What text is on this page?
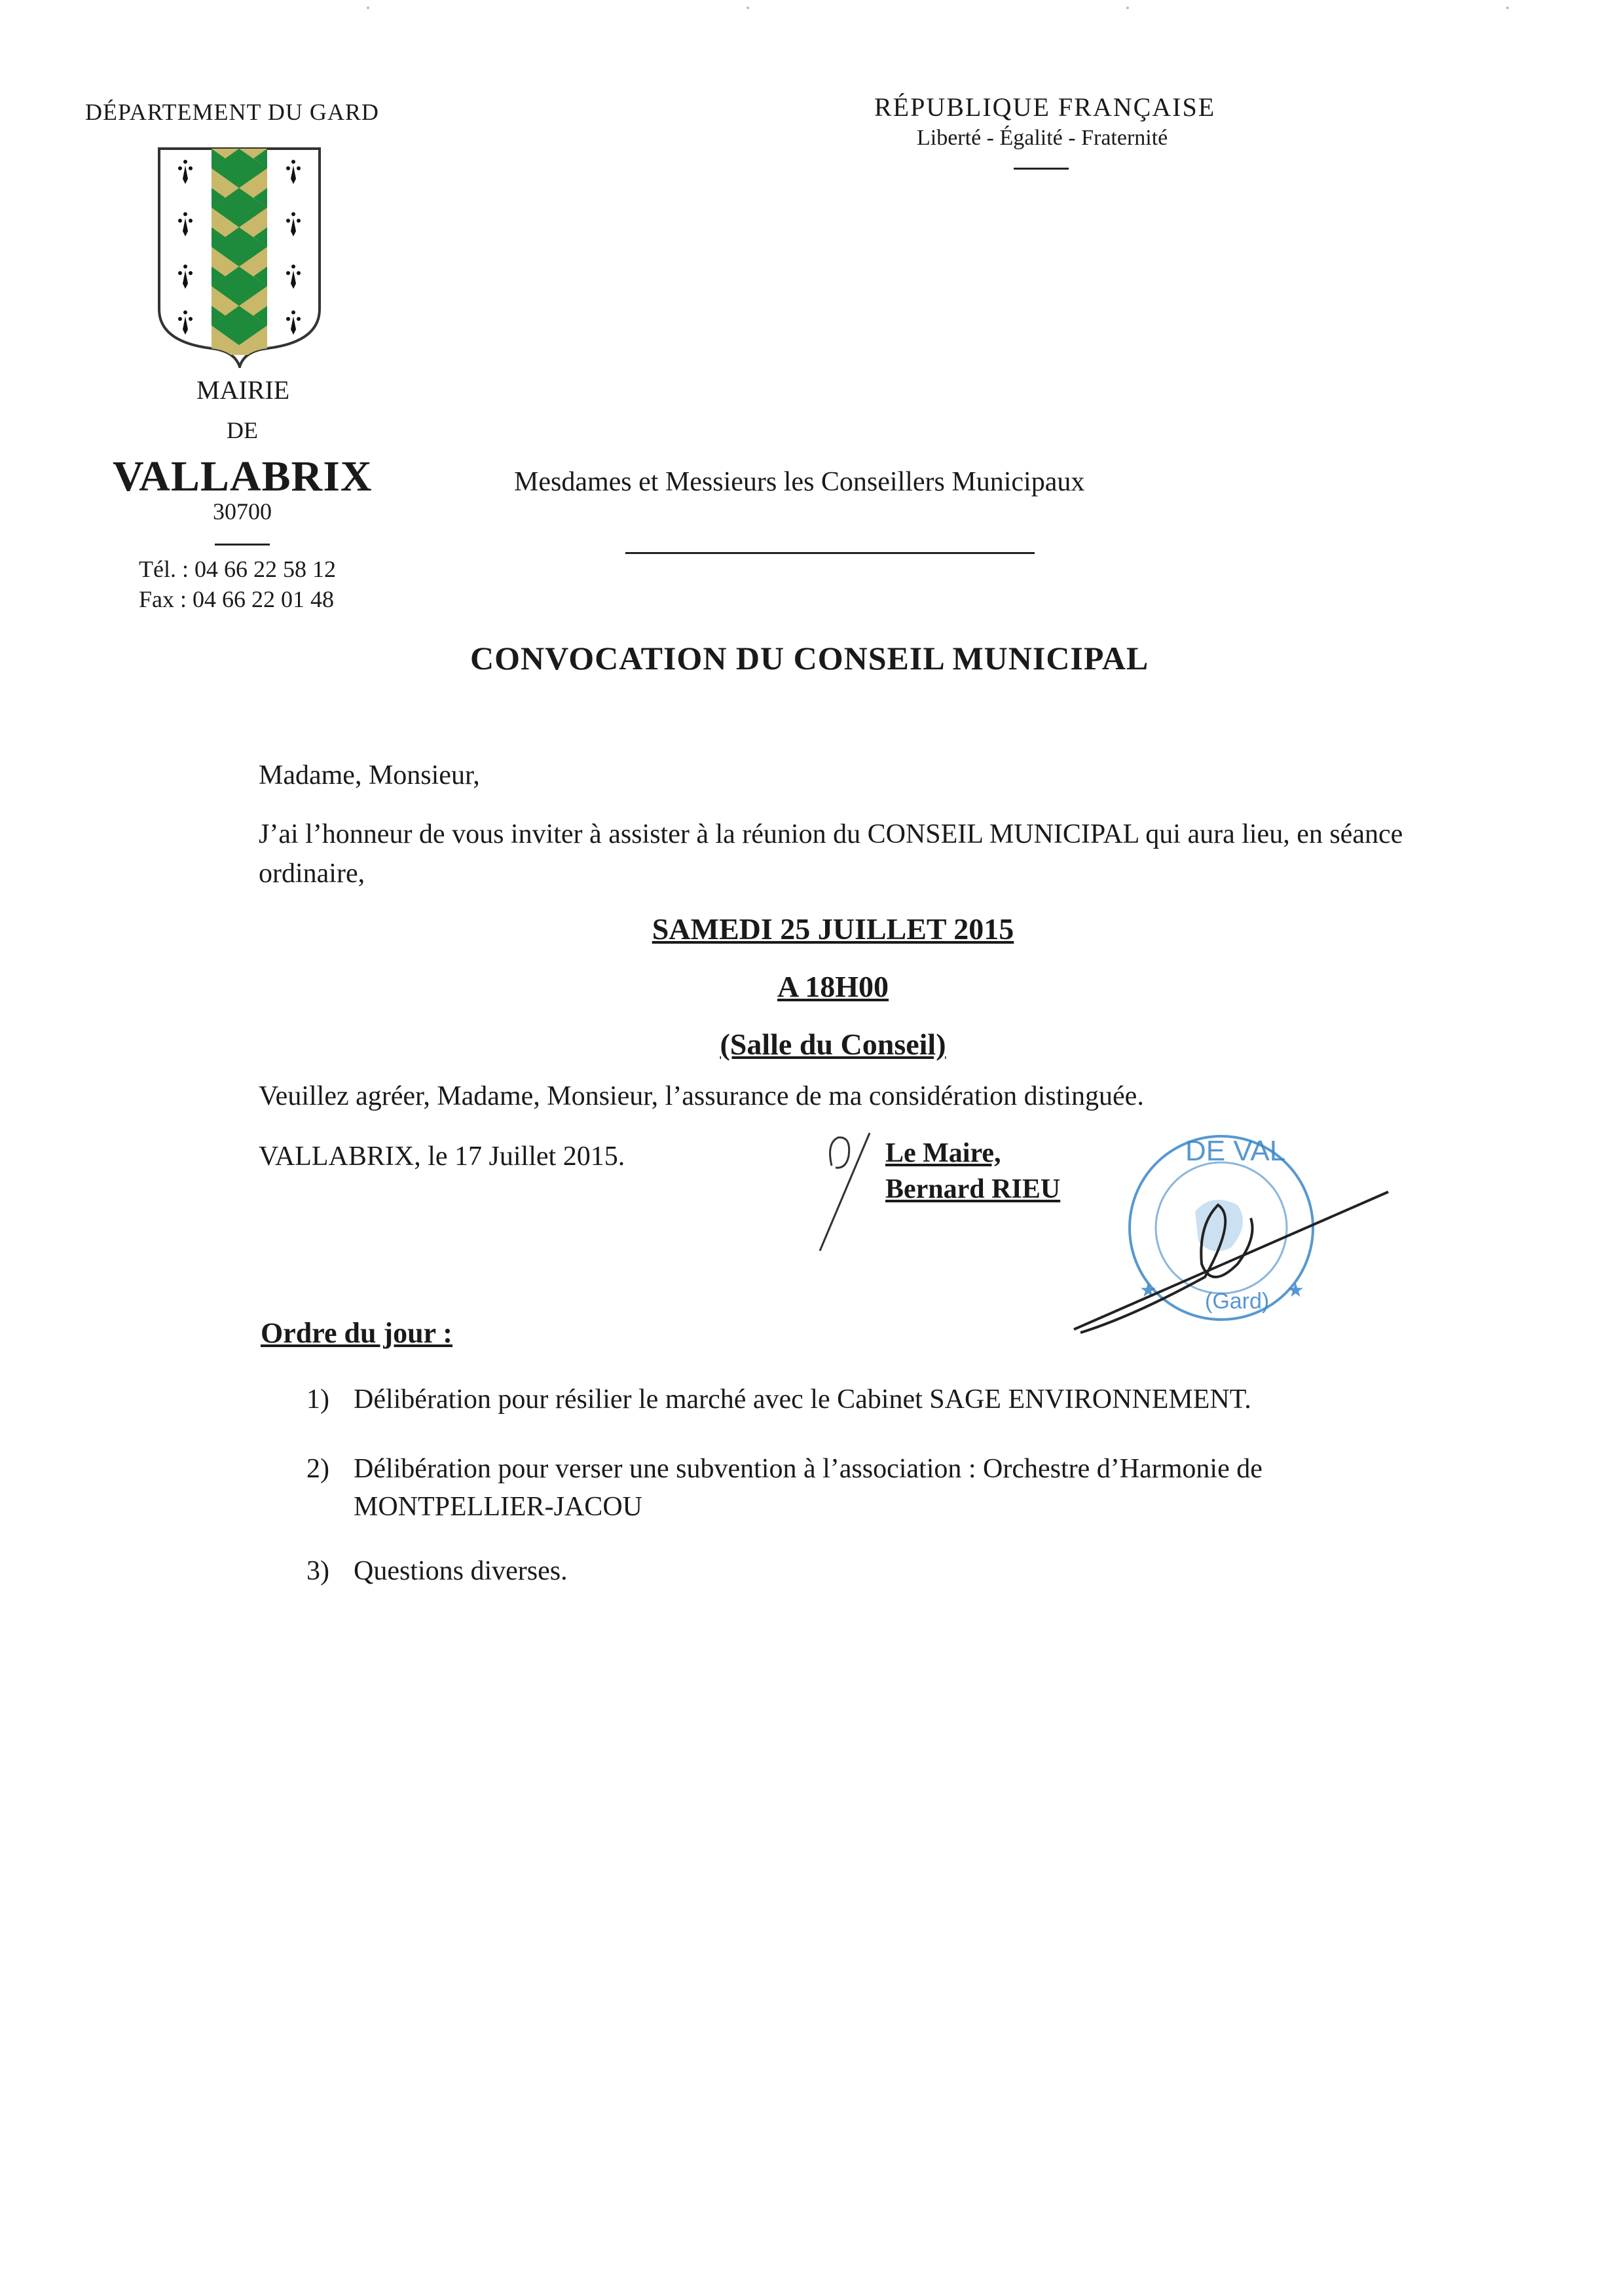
DÉPARTEMENT DU GARD	RÉPUBLIQUE FRANÇAISE
Liberté - Égalité - Fraternité
MAIRIE
DE
VALLABRIX
30700
Tél. : 04 66 22 58 12
Fax : 04 66 22 01 48
Mesdames et Messieurs les Conseillers Municipaux
CONVOCATION DU CONSEIL MUNICIPAL
Madame, Monsieur,
J’ai l’honneur de vous inviter à assister à la réunion du CONSEIL MUNICIPAL qui aura lieu, en séance ordinaire,
SAMEDI 25 JUILLET 2015
A 18H00
(Salle du Conseil)
Veuillez agréer, Madame, Monsieur, l’assurance de ma considération distinguée.
VALLABRIX, le 17 Juillet 2015.	Le Maire,
Bernard RIEU
DE VAL
(Gard)
★	★
Ordre du jour :
1) Délibération pour résilier le marché avec le Cabinet SAGE ENVIRONNEMENT.
2) Délibération pour verser une subvention à l’association : Orchestre d’Harmonie de MONTPELLIER-JACOU
3) Questions diverses.
